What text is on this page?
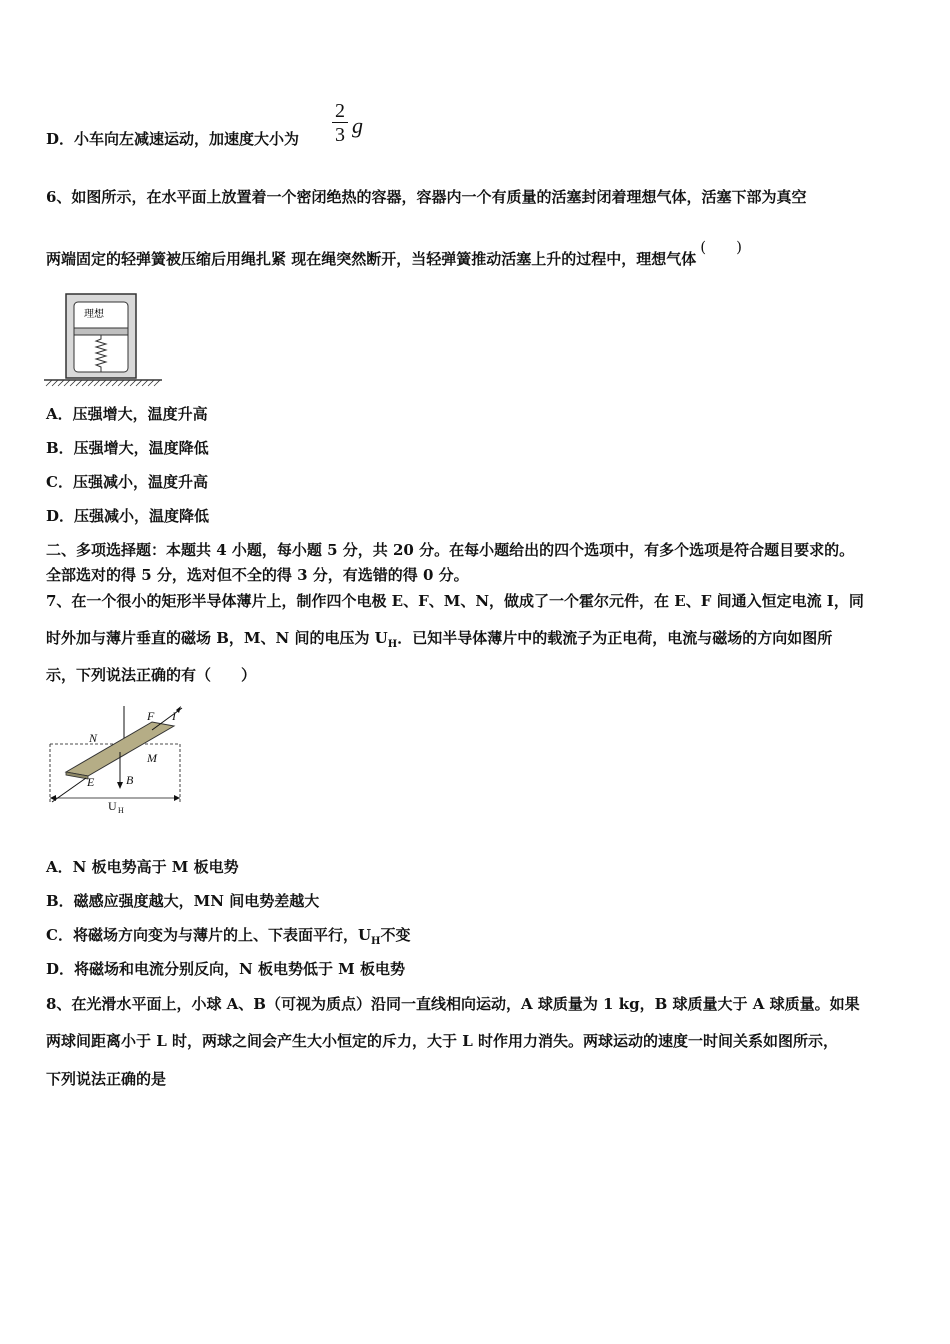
D．小车向左减速运动，加速度大小为
2
3 g
6、如图所示，在水平面上放置着一个密闭绝热的容器，容器内一个有质量的活塞封闭着理想气体，活塞下部为真空
两端固定的轻弹簧被压缩后用绳扎紧 现在绳突然断开，当轻弹簧推动活塞上升的过程中，理想气体(　　)
理想
A．压强增大，温度升高
B．压强增大，温度降低
C．压强减小，温度升高
D．压强减小，温度降低
二、多项选择题：本题共 4 小题，每小题 5 分，共 20 分。在每小题给出的四个选项中，有多个选项是符合题目要求的。
全部选对的得 5 分，选对但不全的得 3 分，有选错的得 0 分。
7、在一个很小的矩形半导体薄片上，制作四个电极 E、F、M、N，做成了一个霍尔元件，在 E、F 间通入恒定电流 I，同
时外加与薄片垂直的磁场 B，M、N 间的电压为 $U_H$．已知半导体薄片中的载流子为正电荷，电流与磁场的方向如图所
示，下列说法正确的有（　　）
N
F I
M
E	B
U H
A．N 板电势高于 M 板电势
B．磁感应强度越大，MN 间电势差越大
C．将磁场方向变为与薄片的上、下表面平行，$U_H$不变
D．将磁场和电流分别反向，N 板电势低于 M 板电势
8、在光滑水平面上，小球 A、B（可视为质点）沿同一直线相向运动，A 球质量为 1 kg，B 球质量大于 A 球质量。如果
两球间距离小于 L 时，两球之间会产生大小恒定的斥力，大于 L 时作用力消失。两球运动的速度一时间关系如图所示，
下列说法正确的是
